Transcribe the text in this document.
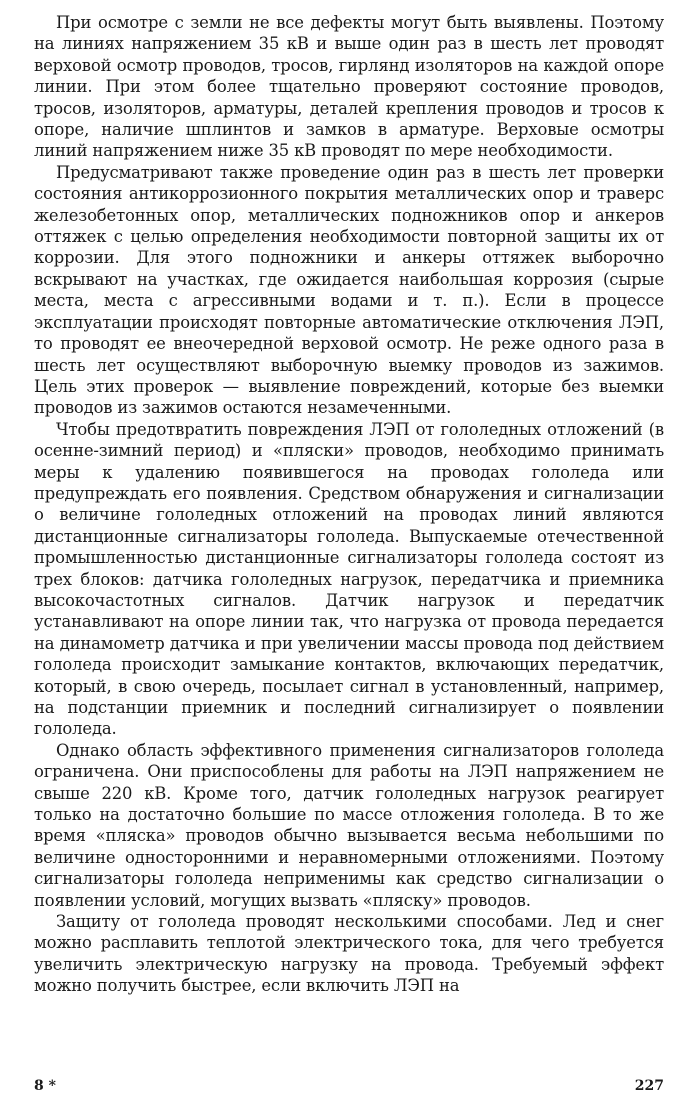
При осмотре с земли не все дефекты могут быть выявлены. Поэтому на линиях напряжением 35 кВ и выше один раз в шесть лет проводят верховой осмотр проводов, тросов, гирлянд изоляторов на каждой опоре линии. При этом более тщательно проверяют состояние проводов, тросов, изоляторов, арматуры, деталей крепления проводов и тросов к опоре, наличие шплинтов и замков в арматуре. Верховые осмотры линий напряжением ниже 35 кВ проводят по мере необходимости.

Предусматривают также проведение один раз в шесть лет проверки состояния антикоррозионного покрытия металлических опор и траверс железобетонных опор, металлических подножников опор и анкеров оттяжек с целью определения необходимости повторной защиты их от коррозии. Для этого подножники и анкеры оттяжек выборочно вскрывают на участках, где ожидается наибольшая коррозия (сырые места, места с агрессивными водами и т. п.). Если в процессе эксплуатации происходят повторные автоматические отключения ЛЭП, то проводят ее внеочередной верховой осмотр. Не реже одного раза в шесть лет осуществляют выборочную выемку проводов из зажимов. Цель этих проверок — выявление повреждений, которые без выемки проводов из зажимов остаются незамеченными.

Чтобы предотвратить повреждения ЛЭП от гололедных отложений (в осенне-зимний период) и «пляски» проводов, необходимо принимать меры к удалению появившегося на проводах гололеда или предупреждать его появления. Средством обнаружения и сигнализации о величине гололедных отложений на проводах линий являются дистанционные сигнализаторы гололеда. Выпускаемые отечественной промышленностью дистанционные сигнализаторы гололеда состоят из трех блоков: датчика гололедных нагрузок, передатчика и приемника высокочастотных сигналов. Датчик нагрузок и передатчик устанавливают на опоре линии так, что нагрузка от провода передается на динамометр датчика и при увеличении массы провода под действием гололеда происходит замыкание контактов, включающих передатчик, который, в свою очередь, посылает сигнал в установленный, например, на подстанции приемник и последний сигнализирует о появлении гололеда.

Однако область эффективного применения сигнализаторов гололеда ограничена. Они приспособлены для работы на ЛЭП напряжением не свыше 220 кВ. Кроме того, датчик гололедных нагрузок реагирует только на достаточно большие по массе отложения гололеда. В то же время «пляска» проводов обычно вызывается весьма небольшими по величине односторонними и неравномерными отложениями. Поэтому сигнализаторы гололеда неприменимы как средство сигнализации о появлении условий, могущих вызвать «пляску» проводов.

Защиту от гололеда проводят несколькими способами. Лед и снег можно расплавить теплотой электрического тока, для чего требуется увеличить электрическую нагрузку на провода. Требуемый эффект можно получить быстрее, если включить ЛЭП на

8 *	227
